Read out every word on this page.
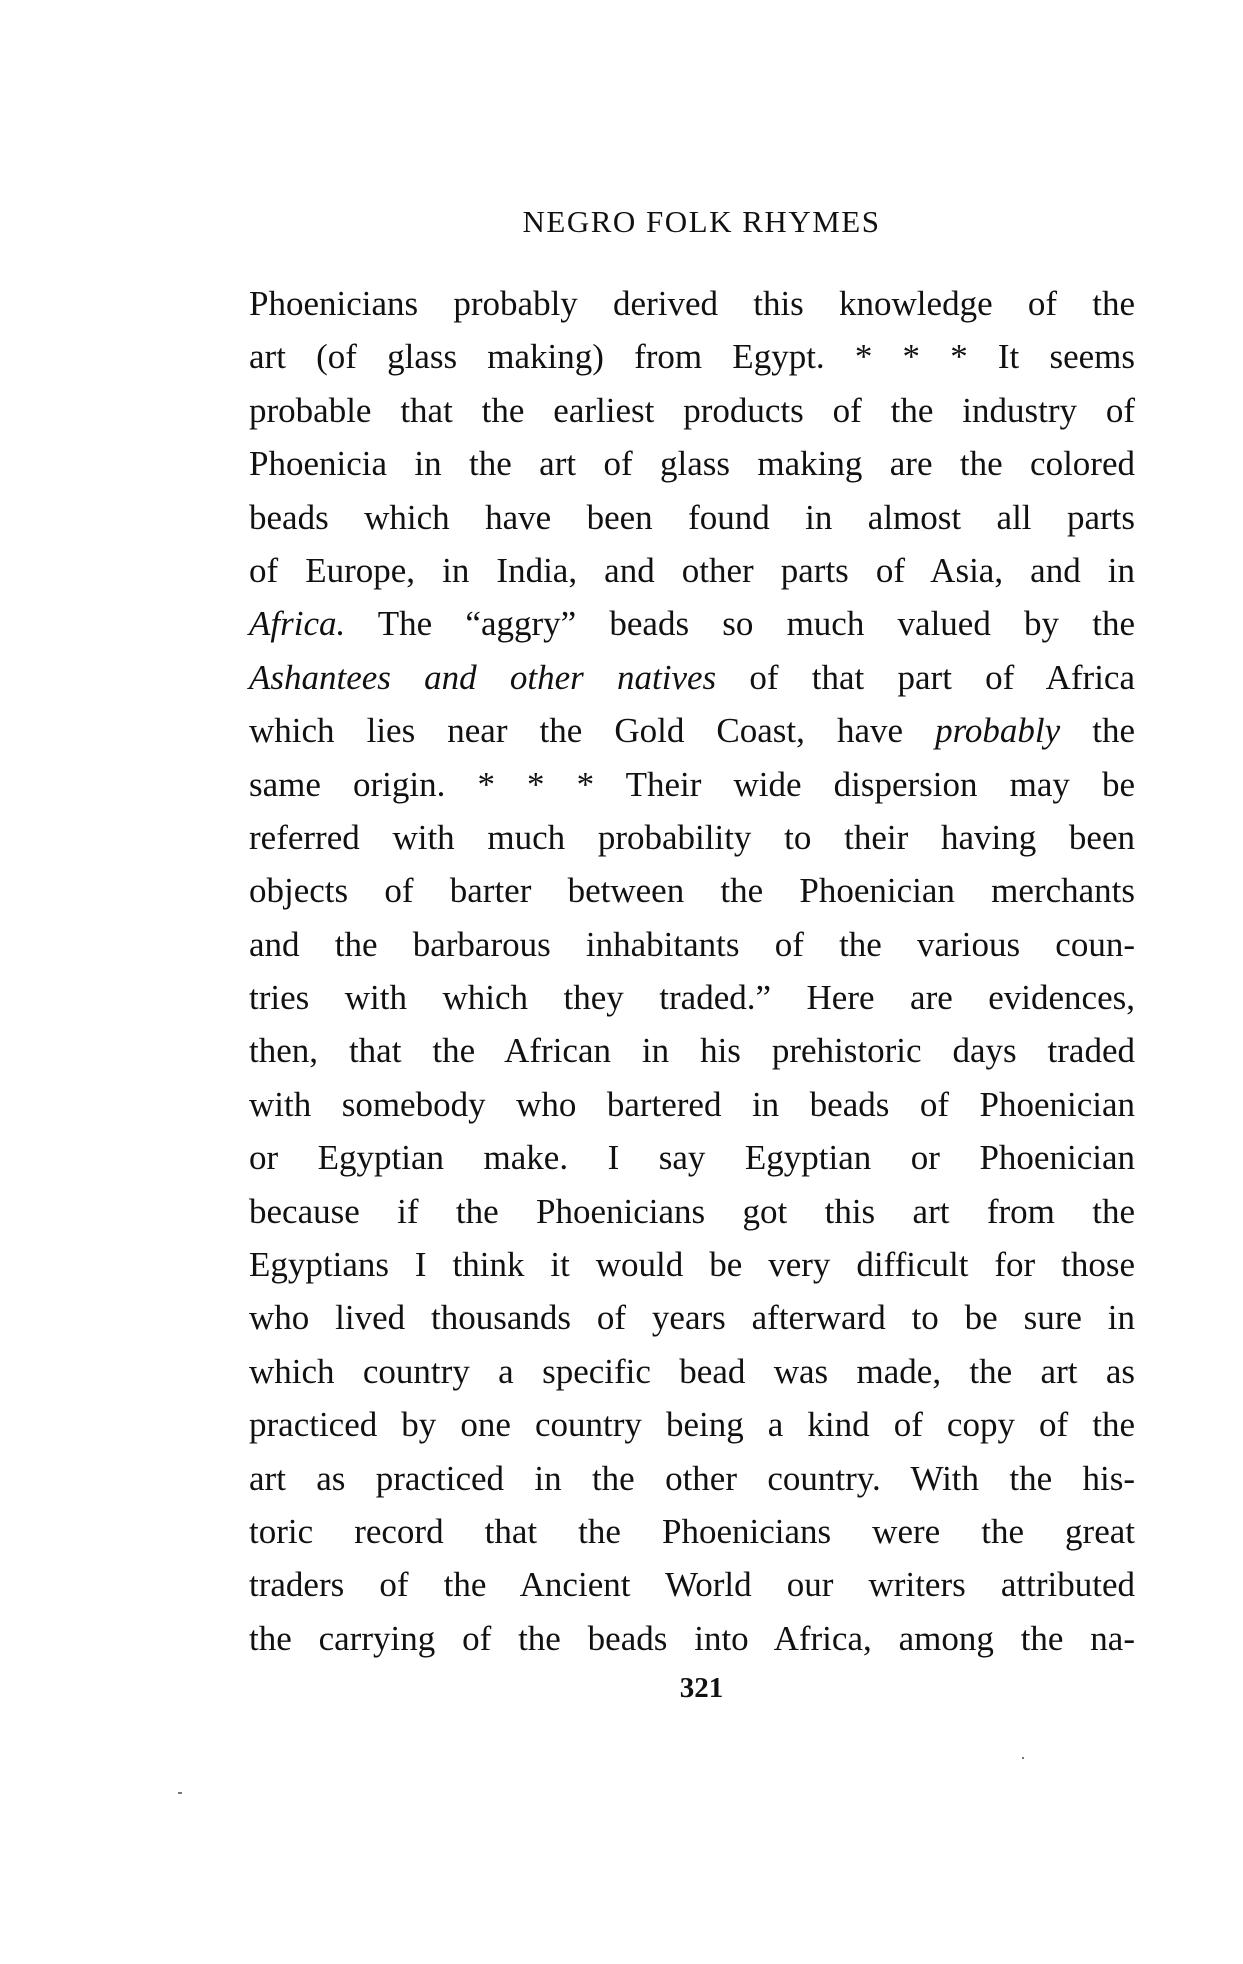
NEGRO FOLK RHYMES
Phoenicians probably derived this knowledge of the
art (of glass making) from Egypt. * * * It seems
probable that the earliest products of the industry of
Phoenicia in the art of glass making are the colored
beads which have been found in almost all parts
of Europe, in India, and other parts of Asia, and in
Africa. The “aggry” beads so much valued by the
Ashantees and other natives of that part of Africa
which lies near the Gold Coast, have probably the
same origin. * * * Their wide dispersion may be
referred with much probability to their having been
objects of barter between the Phoenician merchants
and the barbarous inhabitants of the various coun-
tries with which they traded.” Here are evidences,
then, that the African in his prehistoric days traded
with somebody who bartered in beads of Phoenician
or Egyptian make. I say Egyptian or Phoenician
because if the Phoenicians got this art from the
Egyptians I think it would be very difficult for those
who lived thousands of years afterward to be sure in
which country a specific bead was made, the art as
practiced by one country being a kind of copy of the
art as practiced in the other country. With the his-
toric record that the Phoenicians were the great
traders of the Ancient World our writers attributed
the carrying of the beads into Africa, among the na-
321
